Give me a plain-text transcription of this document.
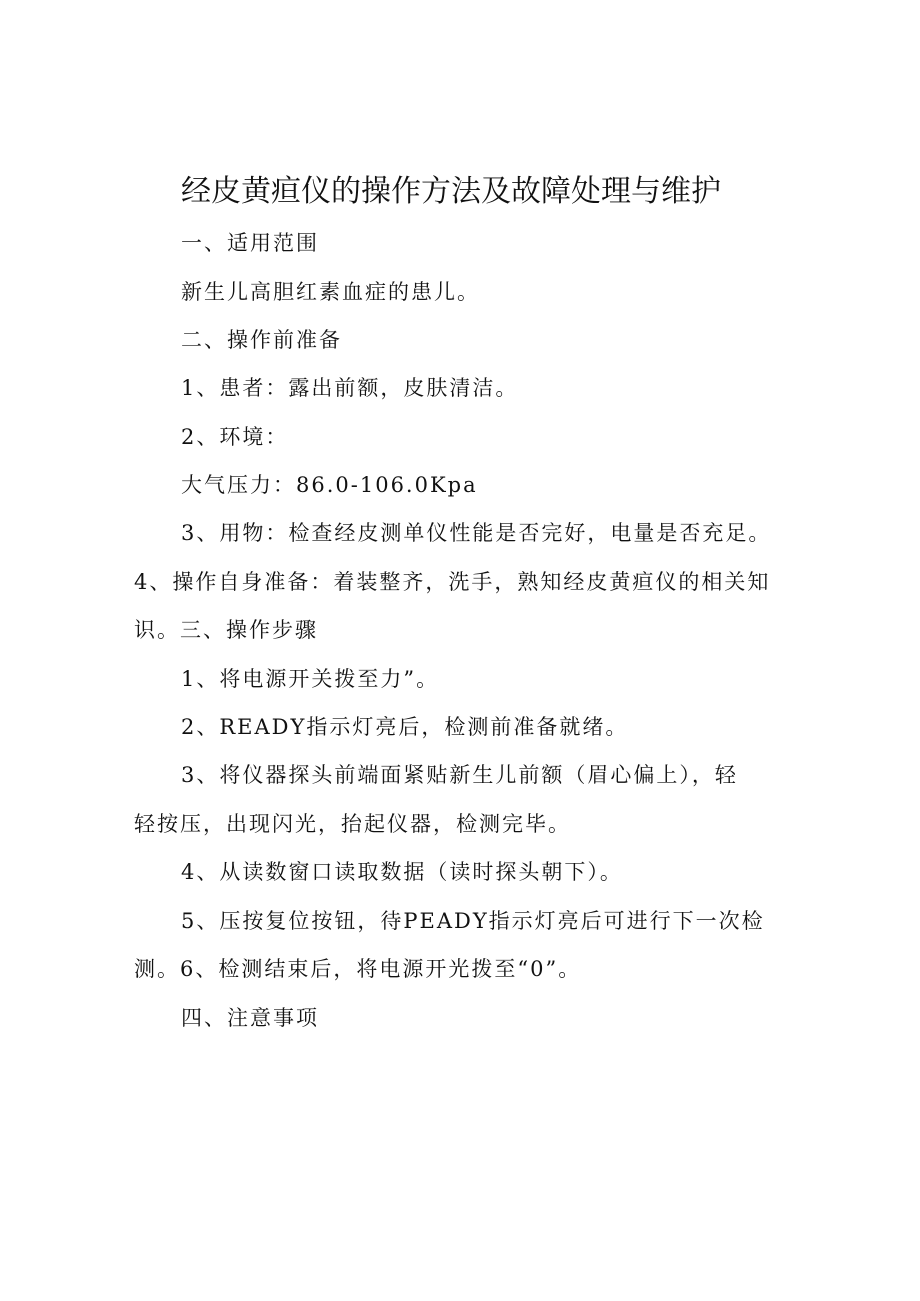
经皮黄疸仪的操作方法及故障处理与维护
一、适用范围
新生儿高胆红素血症的患儿。
二、操作前准备
1、患者：露出前额，皮肤清洁。
2、环境：
大气压力：86.0-106.0Kpa
3、用物：检查经皮测单仪性能是否完好，电量是否充足。
4、操作自身准备：着装整齐，洗手，熟知经皮黄疸仪的相关知
识。三、操作步骤
1、将电源开关拨至力”。
2、READY指示灯亮后，检测前准备就绪。
3、将仪器探头前端面紧贴新生儿前额（眉心偏上），轻
轻按压，出现闪光，抬起仪器，检测完毕。
4、从读数窗口读取数据（读时探头朝下）。
5、压按复位按钮，待PEADY指示灯亮后可进行下一次检
测。6、检测结束后，将电源开光拨至“0”。
四、注意事项
